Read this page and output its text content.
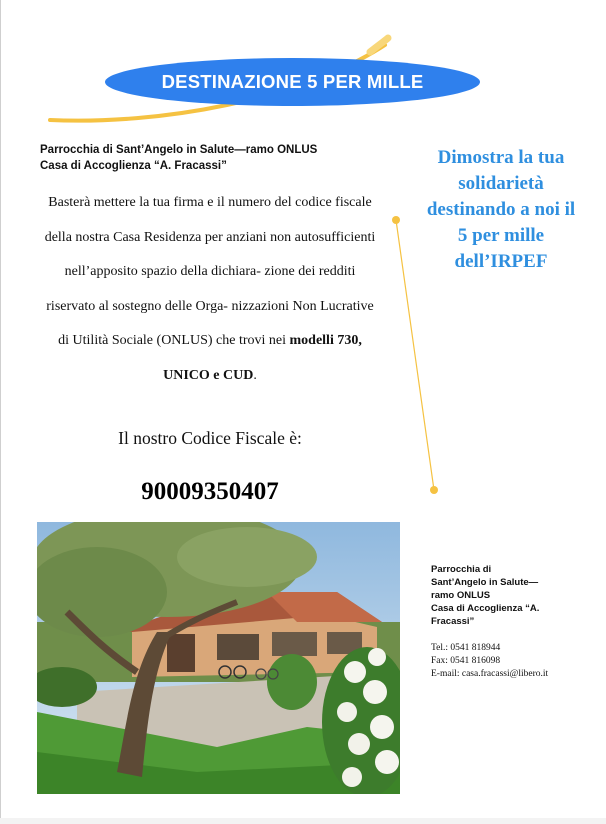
DESTINAZIONE 5 PER MILLE
Parrocchia di Sant’Angelo in Salute—ramo ONLUS
Casa di Accoglienza “A. Fracassi”
Basterà mettere la tua firma e il numero del codice fiscale della nostra Casa Residenza per anziani non autosufficienti nell’apposito spazio della dichiara- zione dei redditi riservato al sostegno delle Orga- nizzazioni Non Lucrative di Utilità Sociale (ONLUS) che trovi nei modelli 730, UNICO e CUD.
Il nostro Codice Fiscale è:
90009350407
Dimostra la tua solidarietà destinando a noi il 5 per mille dell’IRPEF
Parrocchia di
Sant’Angelo in Salute—
ramo ONLUS
Casa di Accoglienza “A.
Fracassi”
Tel.: 0541 818944
Fax: 0541 816098
E-mail: casa.fracassi@libero.it
